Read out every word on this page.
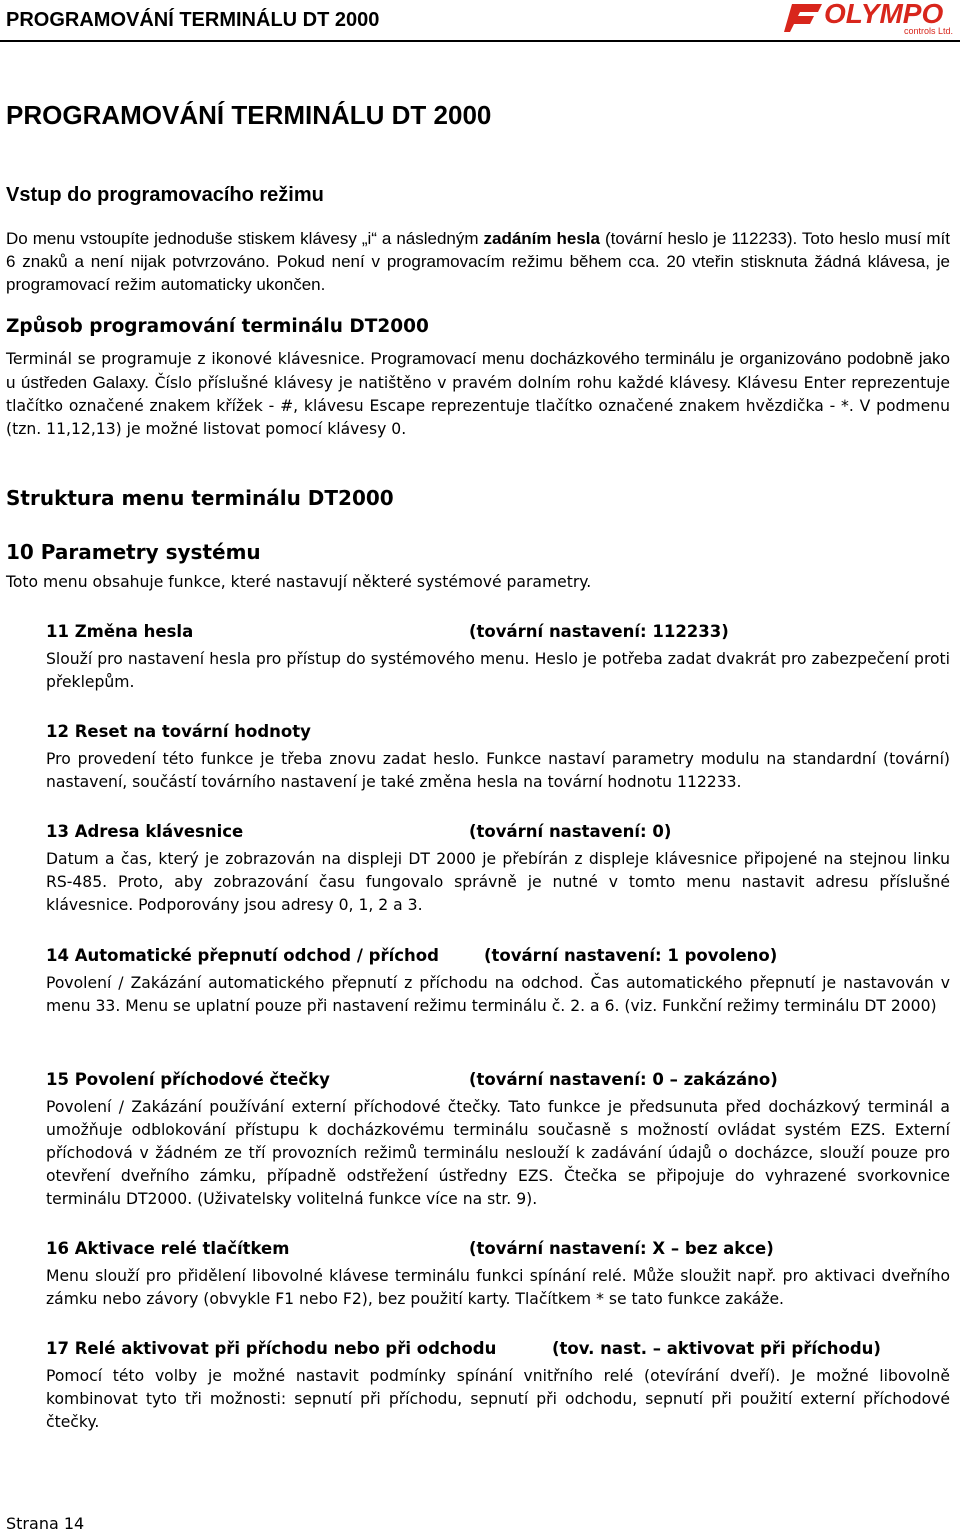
PROGRAMOVÁNÍ TERMINÁLU DT 2000	OLYMPO
controls Ltd.
PROGRAMOVÁNÍ TERMINÁLU DT 2000
Vstup do programovacího režimu

Do menu vstoupíte jednoduše stiskem klávesy „i“ a následným zadáním hesla (tovární heslo je 112233). Toto heslo musí mít 6 znaků a není nijak potvrzováno. Pokud není v programovacím režimu během cca. 20 vteřin stisknuta žádná klávesa, je programovací režim automaticky ukončen.

Způsob programování terminálu DT2000

Terminál se programuje z ikonové klávesnice. Programovací menu docházkového terminálu je organizováno podobně jako u ústředen Galaxy. Číslo příslušné klávesy je natištěno v pravém dolním rohu každé klávesy. Klávesu Enter reprezentuje tlačítko označené znakem křížek - #, klávesu Escape reprezentuje tlačítko označené znakem hvězdička - *. V podmenu (tzn. 11,12,13) je možné listovat pomocí klávesy 0.

Struktura menu terminálu DT2000
10 Parametry systému
Toto menu obsahuje funkce, které nastavují některé systémové parametry.
11 Změna hesla	(tovární nastavení: 112233)

Slouží pro nastavení hesla pro přístup do systémového menu. Heslo je potřeba zadat dvakrát pro zabezpečení proti překlepům.

12 Reset na tovární hodnoty

Pro provedení této funkce je třeba znovu zadat heslo. Funkce nastaví parametry modulu na standardní (tovární) nastavení, součástí továrního nastavení je také změna hesla na tovární hodnotu 112233.

13 Adresa klávesnice	(tovární nastavení: 0)

Datum a čas, který je zobrazován na displeji DT 2000 je přebírán z displeje klávesnice připojené na stejnou linku RS-485. Proto, aby zobrazování času fungovalo správně je nutné v tomto menu nastavit adresu příslušné klávesnice. Podporovány jsou adresy 0, 1, 2 a 3.

14 Automatické přepnutí odchod / příchod	(tovární nastavení: 1 povoleno)

Povolení / Zakázání automatického přepnutí z příchodu na odchod. Čas automatického přepnutí je nastavován v menu 33. Menu se uplatní pouze při nastavení režimu terminálu č. 2. a 6. (viz. Funkční režimy terminálu DT 2000)

15 Povolení příchodové čtečky	(tovární nastavení: 0 – zakázáno)

Povolení / Zakázání používání externí příchodové čtečky. Tato funkce je předsunuta před docházkový terminál a umožňuje odblokování přístupu k docházkovému terminálu současně s možností ovládat systém EZS. Externí příchodová v žádném ze tří provozních režimů terminálu neslouží k zadávání údajů o docházce, slouží pouze pro otevření dveřního zámku, případně odstřežení ústředny EZS. Čtečka se připojuje do vyhrazené svorkovnice terminálu DT2000. (Uživatelsky volitelná funkce více na str. 9).

16 Aktivace relé tlačítkem	(tovární nastavení: X – bez akce)

Menu slouží pro přidělení libovolné klávese terminálu funkci spínání relé. Může sloužit např. pro aktivaci dveřního zámku nebo závory (obvykle F1 nebo F2), bez použití karty. Tlačítkem * se tato funkce zakáže.

17 Relé aktivovat při příchodu nebo při odchodu	(tov. nast. – aktivovat při příchodu)

Pomocí této volby je možné nastavit podmínky spínání vnitřního relé (otevírání dveří). Je možné libovolně kombinovat tyto tři možnosti: sepnutí při příchodu, sepnutí při odchodu, sepnutí při použití externí příchodové čtečky.

Strana 14
